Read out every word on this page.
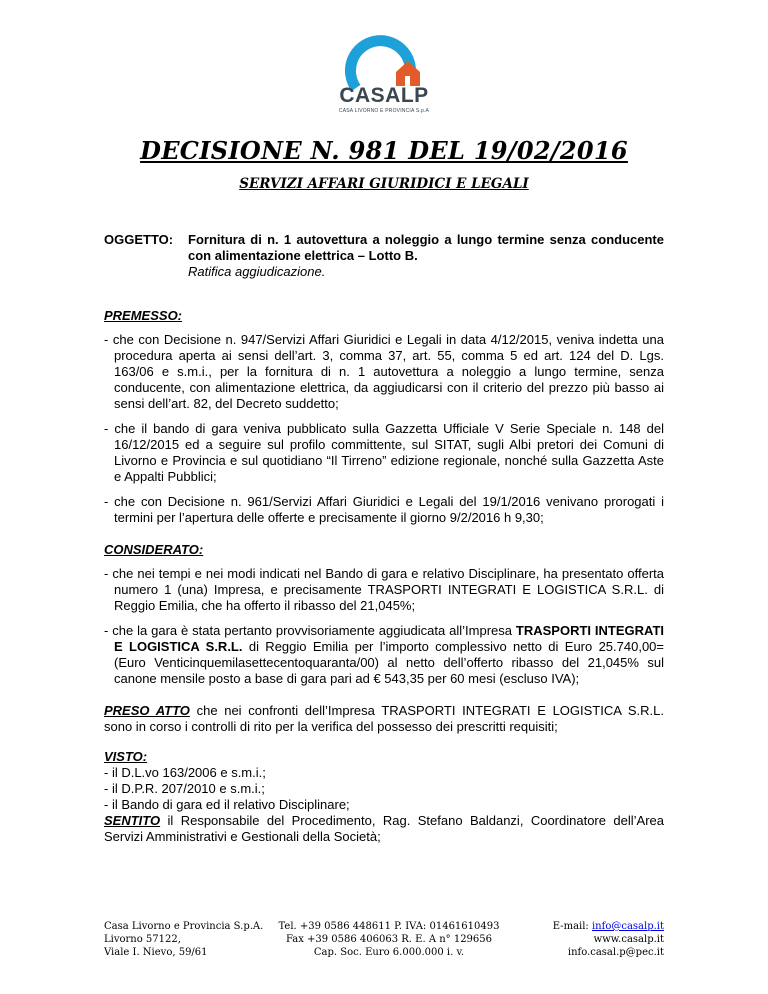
CASALP
CASA LIVORNO E PROVINCIA S.p.A
DECISIONE N. 981 DEL 19/02/2016
SERVIZI AFFARI GIURIDICI E LEGALI
OGGETTO:	Fornitura di n. 1 autovettura a noleggio a lungo termine senza conducente con alimentazione elettrica – Lotto B.
Ratifica aggiudicazione.

PREMESSO:

- che con Decisione n. 947/Servizi Affari Giuridici e Legali in data 4/12/2015, veniva indetta una procedura aperta ai sensi dell’art. 3, comma 37, art. 55, comma 5 ed art. 124 del D. Lgs. 163/06 e s.m.i., per la fornitura di n. 1 autovettura a noleggio a lungo termine, senza conducente, con alimentazione elettrica, da aggiudicarsi con il criterio del prezzo più basso ai sensi dell’art. 82, del Decreto suddetto;

- che il bando di gara veniva pubblicato sulla Gazzetta Ufficiale V Serie Speciale n. 148 del 16/12/2015 ed a seguire sul profilo committente, sul SITAT, sugli Albi pretori dei Comuni di Livorno e Provincia e sul quotidiano “Il Tirreno” edizione regionale, nonché sulla Gazzetta Aste e Appalti Pubblici;

- che con Decisione n. 961/Servizi Affari Giuridici e Legali del 19/1/2016 venivano prorogati i termini per l’apertura delle offerte e precisamente il giorno 9/2/2016 h 9,30;

CONSIDERATO:

- che nei tempi e nei modi indicati nel Bando di gara e relativo Disciplinare, ha presentato offerta numero 1 (una) Impresa, e precisamente TRASPORTI INTEGRATI E LOGISTICA S.R.L. di Reggio Emilia, che ha offerto il ribasso del 21,045%;

- che la gara è stata pertanto provvisoriamente aggiudicata all’Impresa TRASPORTI INTEGRATI E LOGISTICA S.R.L. di Reggio Emilia per l’importo complessivo netto di Euro 25.740,00= (Euro Venticinquemilasettecentoquaranta/00) al netto dell’offerto ribasso del 21,045% sul canone mensile posto a base di gara pari ad € 543,35 per 60 mesi (escluso IVA);

PRESO ATTO che nei confronti dell’Impresa TRASPORTI INTEGRATI E LOGISTICA S.R.L. sono in corso i controlli di rito per la verifica del possesso dei prescritti requisiti;

VISTO:

- il D.L.vo 163/2006 e s.m.i.;

- il D.P.R. 207/2010 e s.m.i.;

- il Bando di gara ed il relativo Disciplinare;

SENTITO il Responsabile del Procedimento, Rag. Stefano Baldanzi, Coordinatore dell’Area Servizi Amministrativi e Gestionali della Società;

Casa Livorno e Provincia S.p.A.
Livorno 57122,
Viale I. Nievo, 59/61
Tel. +39 0586 448611 P. IVA: 01461610493
Fax +39 0586 406063 R. E. A n° 129656
Cap. Soc. Euro 6.000.000 i. v.
E-mail: info@casalp.it
www.casalp.it
info.casal.p@pec.it
